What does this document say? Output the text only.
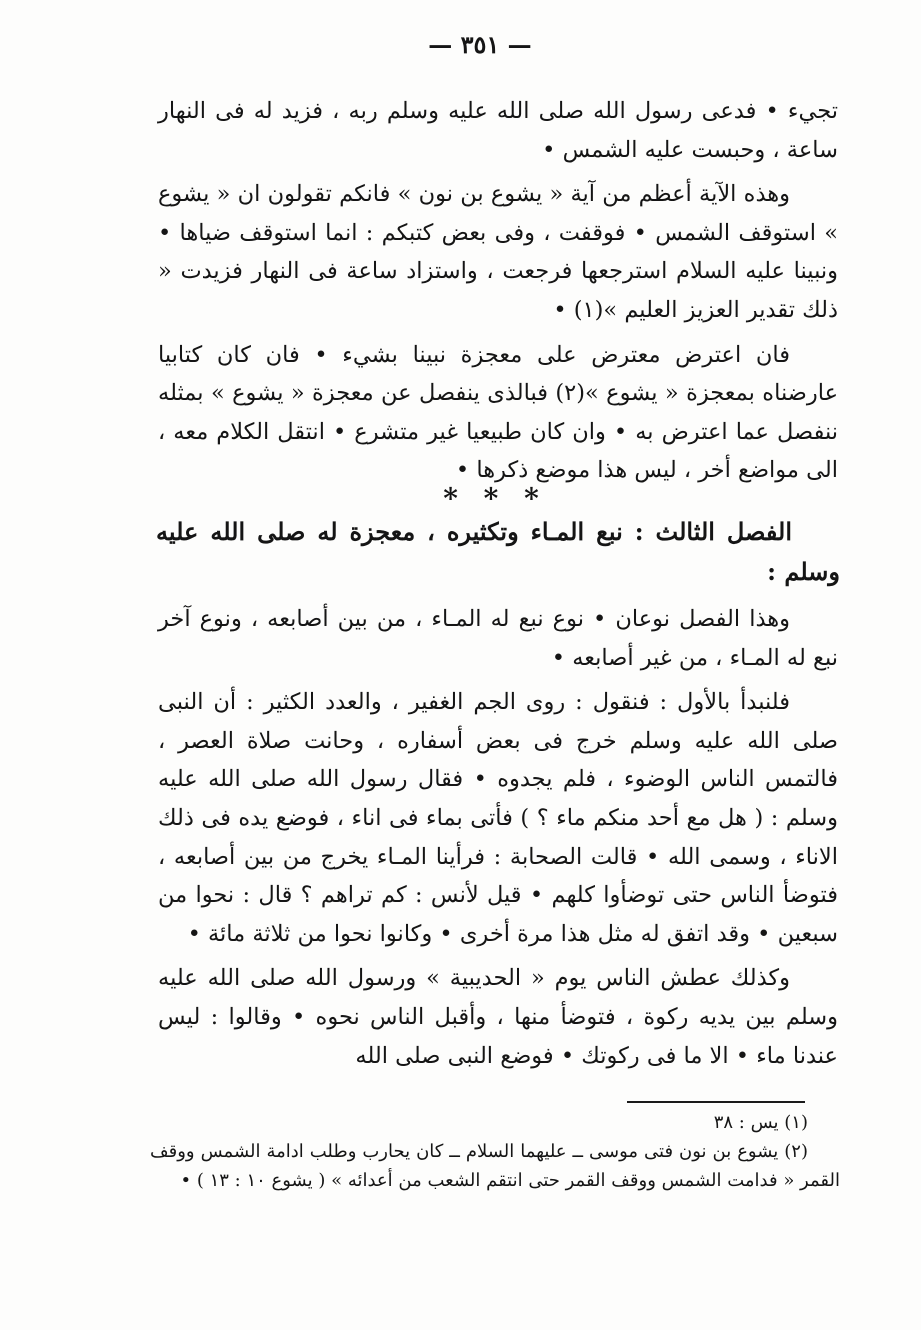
— ٣٥١ —

تجيء • فدعى رسول الله صلى الله عليه وسلم ربه ، فزيد له فى النهار ساعة ، وحبست عليه الشمس •

وهذه الآية أعظم من آية « يشوع بن نون » فانكم تقولون ان « يشوع » استوقف الشمس • فوقفت ، وفى بعض كتبكم : انما استوقف ضياها • ونبينا عليه السلام استرجعها فرجعت ، واستزاد ساعة فى النهار فزيدت « ذلك تقدير العزيز العليم »(١) •

فان اعترض معترض على معجزة نبينا بشيء • فان كان كتابيا عارضناه بمعجزة « يشوع »(٢) فبالذى ينفصل عن معجزة « يشوع » بمثله ننفصل عما اعترض به • وان كان طبيعيا غير متشرع • انتقل الكلام معه ، الى مواضع أخر ، ليس هذا موضع ذكرها •

* * *
الفصل الثالث : نبع المـاء وتكثيره ، معجزة له صلى الله عليه وسلم :

وهذا الفصل نوعان • نوع نبع له المـاء ، من بين أصابعه ، ونوع آخر نبع له المـاء ، من غير أصابعه •

فلنبدأ بالأول : فنقول : روى الجم الغفير ، والعدد الكثير : أن النبى صلى الله عليه وسلم خرج فى بعض أسفاره ، وحانت صلاة العصر ، فالتمس الناس الوضوء ، فلم يجدوه • فقال رسول الله صلى الله عليه وسلم : ( هل مع أحد منكم ماء ؟ ) فأتى بماء فى اناء ، فوضع يده فى ذلك الاناء ، وسمى الله • قالت الصحابة : فرأينا المـاء يخرج من بين أصابعه ، فتوضأ الناس حتى توضأوا كلهم • قيل لأنس : كم تراهم ؟ قال : نحوا من سبعين • وقد اتفق له مثل هذا مرة أخرى • وكانوا نحوا من ثلاثة مائة •

وكذلك عطش الناس يوم « الحديبية » ورسول الله صلى الله عليه وسلم بين يديه ركوة ، فتوضأ منها ، وأقبل الناس نحوه • وقالوا : ليس عندنا ماء • الا ما فى ركوتك • فوضع النبى صلى الله

(١) يس : ٣٨

(٢) يشوع بن نون فتى موسى ــ عليهما السلام ــ كان يحارب وطلب ادامة الشمس ووقف القمر « فدامت الشمس ووقف القمر حتى انتقم الشعب من أعدائه » ( يشوع ١٠ : ١٣ ) •
